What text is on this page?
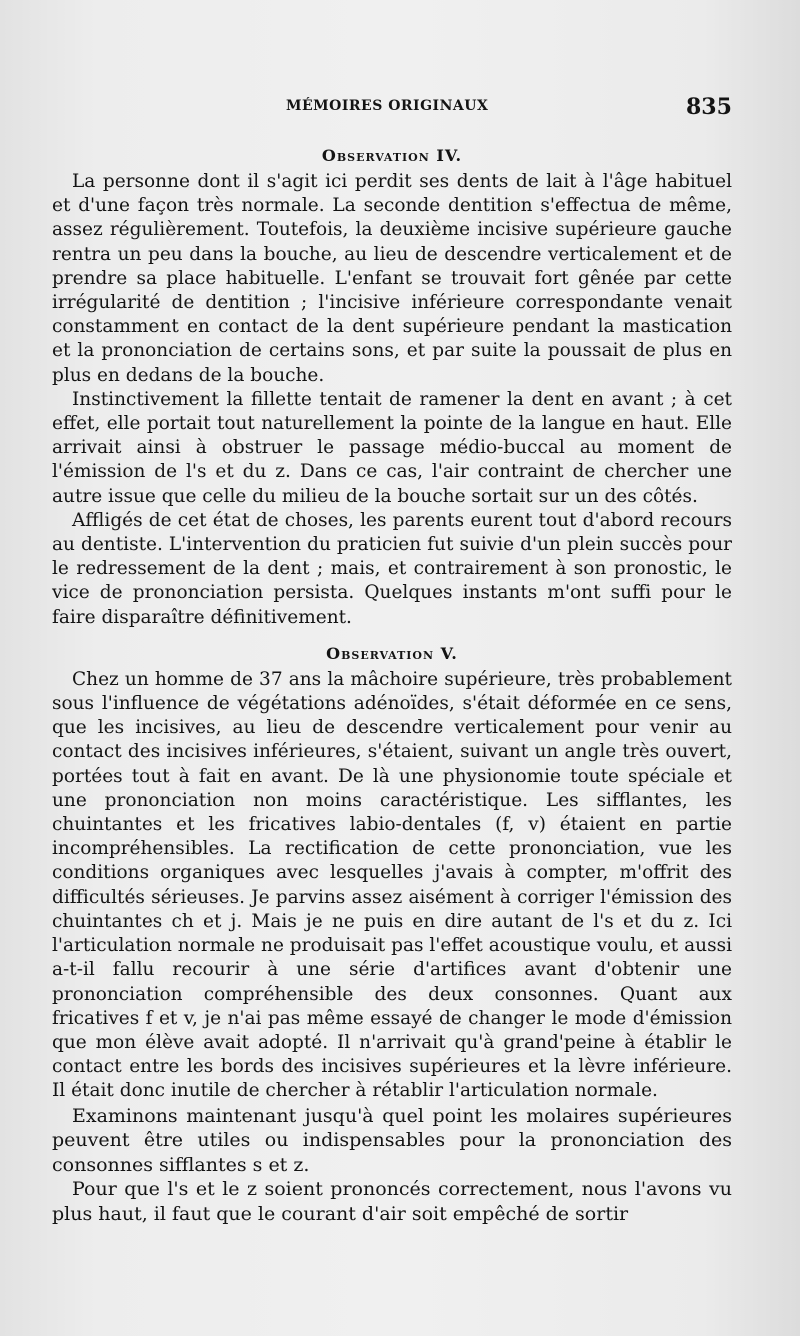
MÉMOIRES ORIGINAUX	835
Observation IV.

La personne dont il s'agit ici perdit ses dents de lait à l'âge habituel et d'une façon très normale. La seconde dentition s'effectua de même, assez régulièrement. Toutefois, la deuxième incisive supérieure gauche rentra un peu dans la bouche, au lieu de descendre verticalement et de prendre sa place habituelle. L'enfant se trouvait fort gênée par cette irrégularité de dentition ; l'incisive inférieure correspondante venait constamment en contact de la dent supérieure pendant la mastication et la prononciation de certains sons, et par suite la poussait de plus en plus en dedans de la bouche.

Instinctivement la fillette tentait de ramener la dent en avant ; à cet effet, elle portait tout naturellement la pointe de la langue en haut. Elle arrivait ainsi à obstruer le passage médio-buccal au moment de l'émission de l's et du z. Dans ce cas, l'air contraint de chercher une autre issue que celle du milieu de la bouche sortait sur un des côtés.

Affligés de cet état de choses, les parents eurent tout d'abord recours au dentiste. L'intervention du praticien fut suivie d'un plein succès pour le redressement de la dent ; mais, et contrairement à son pronostic, le vice de prononciation persista. Quelques instants m'ont suffi pour le faire disparaître définitivement.

Observation V.

Chez un homme de 37 ans la mâchoire supérieure, très probablement sous l'influence de végétations adénoïdes, s'était déformée en ce sens, que les incisives, au lieu de descendre verticalement pour venir au contact des incisives inférieures, s'étaient, suivant un angle très ouvert, portées tout à fait en avant. De là une physionomie toute spéciale et une prononciation non moins caractéristique. Les sifflantes, les chuintantes et les fricatives labio-dentales (f, v) étaient en partie incompréhensibles. La rectification de cette prononciation, vue les conditions organiques avec lesquelles j'avais à compter, m'offrit des difficultés sérieuses. Je parvins assez aisément à corriger l'émission des chuintantes ch et j. Mais je ne puis en dire autant de l's et du z. Ici l'articulation normale ne produisait pas l'effet acoustique voulu, et aussi a-t-il fallu recourir à une série d'artifices avant d'obtenir une prononciation compréhensible des deux consonnes. Quant aux fricatives f et v, je n'ai pas même essayé de changer le mode d'émission que mon élève avait adopté. Il n'arrivait qu'à grand'peine à établir le contact entre les bords des incisives supérieures et la lèvre inférieure. Il était donc inutile de chercher à rétablir l'articulation normale.

Examinons maintenant jusqu'à quel point les molaires supérieures peuvent être utiles ou indispensables pour la prononciation des consonnes sifflantes s et z.

Pour que l's et le z soient prononcés correctement, nous l'avons vu plus haut, il faut que le courant d'air soit empêché de sortir
